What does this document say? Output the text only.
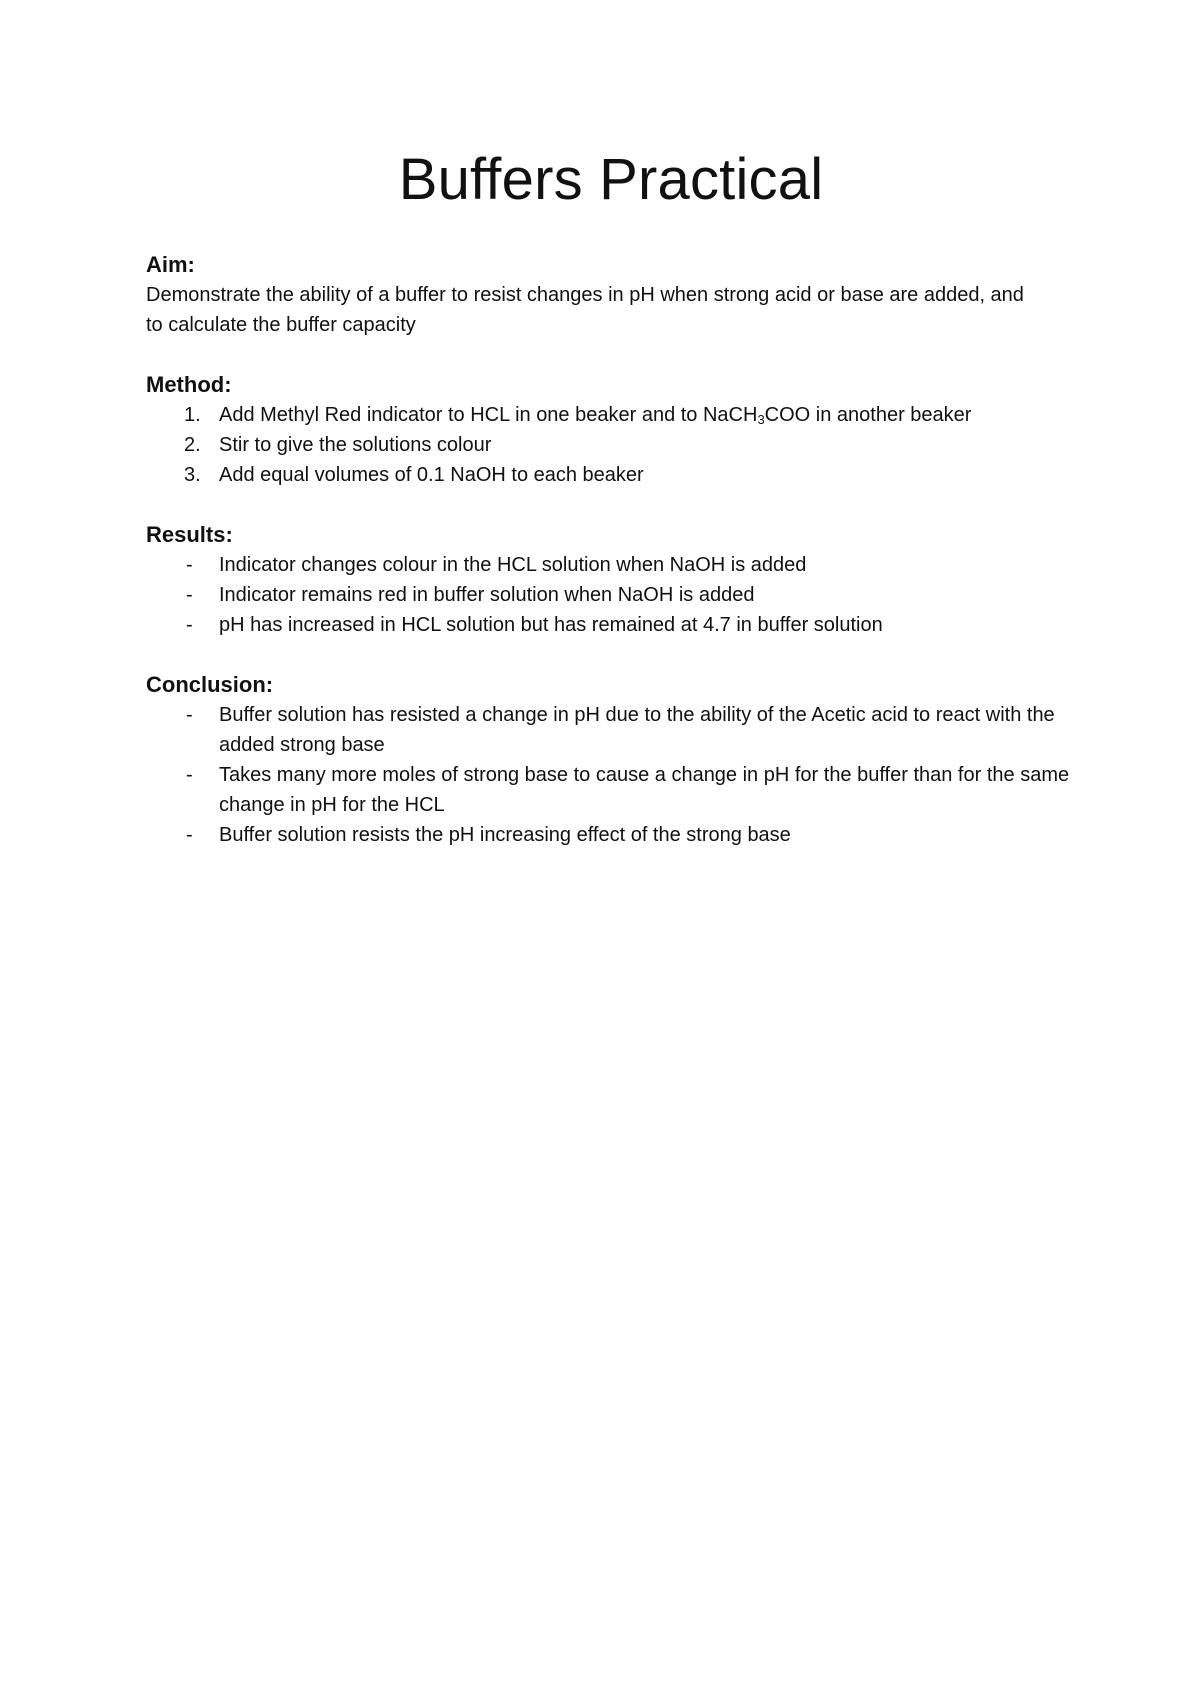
Buffers Practical

Aim:

Demonstrate the ability of a buffer to resist changes in pH when strong acid or base are added, and to calculate the buffer capacity

Method:

1. Add Methyl Red indicator to HCL in one beaker and to NaCH$_3$COO in another beaker
2. Stir to give the solutions colour
3. Add equal volumes of 0.1 NaOH to each beaker

Results:

- Indicator changes colour in the HCL solution when NaOH is added
- Indicator remains red in buffer solution when NaOH is added
- pH has increased in HCL solution but has remained at 4.7 in buffer solution

Conclusion:

- Buffer solution has resisted a change in pH due to the ability of the Acetic acid to react with the added strong base
- Takes many more moles of strong base to cause a change in pH for the buffer than for the same change in pH for the HCL
- Buffer solution resists the pH increasing effect of the strong base
